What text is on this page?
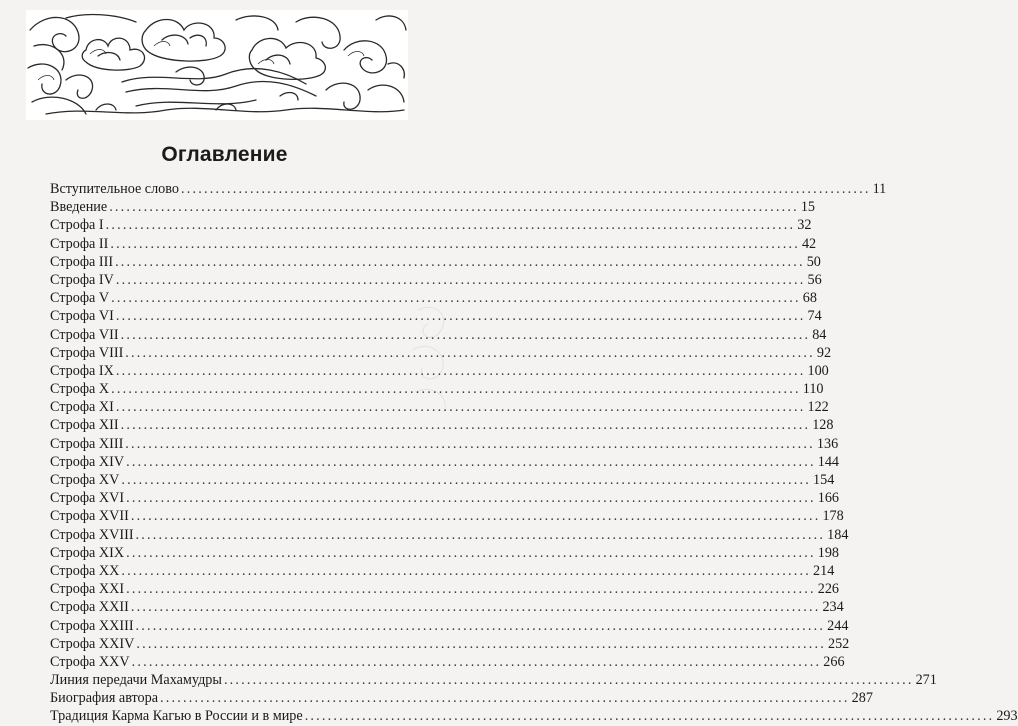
Оглавление
Вступительное слово .....	11
Введение .....	15
Строфа I .....	32
Строфа II .....	42
Строфа III .....	50
Строфа IV .....	56
Строфа V .....	68
Строфа VI .....	74
Строфа VII .....	84
Строфа VIII .....	92
Строфа IX .....	100
Строфа X .....	110
Строфа XI .....	122
Строфа XII .....	128
Строфа XIII .....	136
Строфа XIV .....	144
Строфа XV .....	154
Строфа XVI .....	166
Строфа XVII .....	178
Строфа XVIII .....	184
Строфа XIX .....	198
Строфа XX .....	214
Строфа XXI .....	226
Строфа XXII .....	234
Строфа XXIII .....	244
Строфа XXIV .....	252
Строфа XXV .....	266
Линия передачи Махамудры .....	271
Биография автора .....	287
Традиция Карма Кагью в России и в мире .....	293
